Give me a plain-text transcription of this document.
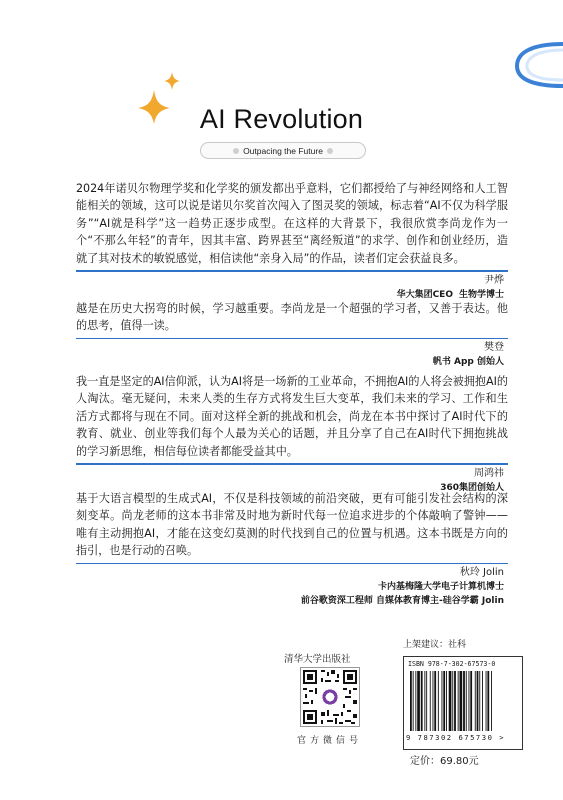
AI Revolution
Outpacing the Future

2024年诺贝尔物理学奖和化学奖的颁发都出乎意料，它们都授给了与神经网络和人工智能相关的领域，这可以说是诺贝尔奖首次闯入了图灵奖的领域，标志着“AI不仅为科学服务”“AI就是科学”这一趋势正逐步成型。在这样的大背景下，我很欣赏李尚龙作为一个“不那么年轻”的青年，因其丰富、跨界甚至“离经叛道”的求学、创作和创业经历，造就了其对技术的敏锐感觉，相信读他“亲身入局”的作品，读者们定会获益良多。

尹烨
华大集团CEO 生物学博士

越是在历史大拐弯的时候，学习越重要。李尚龙是一个超强的学习者，又善于表达。他的思考，值得一读。

樊登
帆书 App 创始人

我一直是坚定的AI信仰派，认为AI将是一场新的工业革命，不拥抱AI的人将会被拥抱AI的人淘汰。毫无疑问，未来人类的生存方式将发生巨大变革，我们未来的学习、工作和生活方式都将与现在不同。面对这样全新的挑战和机会，尚龙在本书中探讨了AI时代下的教育、就业、创业等我们每个人最为关心的话题，并且分享了自己在AI时代下拥抱挑战的学习新思维，相信每位读者都能受益其中。

周鸿祎
360集团创始人

基于大语言模型的生成式AI，不仅是科技领域的前沿突破，更有可能引发社会结构的深刻变革。尚龙老师的这本书非常及时地为新时代每一位追求进步的个体敲响了警钟——唯有主动拥抱AI，才能在这变幻莫测的时代找到自己的位置与机遇。这本书既是方向的指引，也是行动的召唤。

秋玲 Jolin
卡内基梅隆大学电子计算机博士
前谷歌资深工程师 自媒体教育博主-硅谷学霸 Jolin
清华大学出版社
官方微信号
上架建议：社科
ISBN 978-7-302-67573-0
9 787302 675730 >
定价：69.80元
